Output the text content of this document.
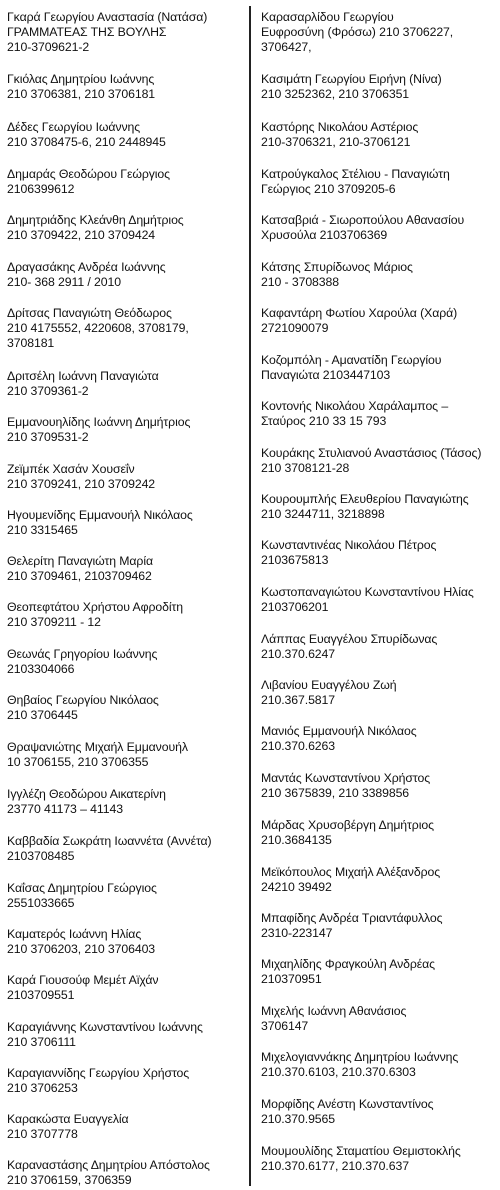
Γκαρά Γεωργίου Αναστασία (Νατάσα)
ΓΡΑΜΜΑΤΕΑΣ ΤΗΣ ΒΟΥΛΗΣ
210-3709621-2
Γκιόλας Δημητρίου Ιωάννης
210 3706381, 210 3706181
Δέδες Γεωργίου Ιωάννης
210 3708475-6, 210 2448945
Δημαράς Θεοδώρου Γεώργιος
2106399612
Δημητριάδης Κλεάνθη Δημήτριος
210 3709422, 210 3709424
Δραγασάκης Ανδρέα Ιωάννης
210- 368 2911 / 2010
Δρίτσας Παναγιώτη Θεόδωρος
210 4175552, 4220608, 3708179,
3708181
Δριτσέλη Ιωάννη Παναγιώτα
210 3709361-2
Εμμανουηλίδης Ιωάννη Δημήτριος
210 3709531-2
Ζεϊμπέκ Χασάν Χουσεΐν
210 3709241, 210 3709242
Ηγουμενίδης Εμμανουήλ Νικόλαος
210 3315465
Θελερίτη Παναγιώτη Μαρία
210 3709461, 2103709462
Θεοπεφτάτου Χρήστου Αφροδίτη
210 3709211 - 12
Θεωνάς Γρηγορίου Ιωάννης
2103304066
Θηβαίος Γεωργίου Νικόλαος
210 3706445
Θραψανιώτης Μιχαήλ Εμμανουήλ
10 3706155, 210 3706355
Ιγγλέζη Θεοδώρου Αικατερίνη
23770 41173 – 41143
Καββαδία Σωκράτη Ιωαννέτα (Αννέτα)
2103708485
Καΐσας Δημητρίου Γεώργιος
2551033665
Καματερός Ιωάννη Ηλίας
210 3706203, 210 3706403
Καρά Γιουσούφ Μεμέτ Αϊχάν
2103709551
Καραγιάννης Κωνσταντίνου Ιωάννης
210 3706111
Καραγιαννίδης Γεωργίου Χρήστος
210 3706253
Καρακώστα Ευαγγελία
210 3707778
Καραναστάσης Δημητρίου Απόστολος
210 3706159, 3706359
Καρασαρλίδου Γεωργίου
Ευφροσύνη (Φρόσω) 210 3706227,
3706427,
Κασιμάτη Γεωργίου Ειρήνη (Νίνα)
210 3252362, 210 3706351
Καστόρης Νικολάου Αστέριος
210-3706321, 210-3706121
Κατρούγκαλος Στέλιου - Παναγιώτη
Γεώργιος 210 3709205-6
Κατσαβριά - Σιωροπούλου Αθανασίου
Χρυσούλα 2103706369
Κάτσης Σπυρίδωνος Μάριος
210 - 3708388
Καφαντάρη Φωτίου Χαρούλα (Χαρά)
2721090079
Κοζομπόλη - Αμανατίδη Γεωργίου
Παναγιώτα 2103447103
Κοντονής Νικολάου Χαράλαμπος –
Σταύρος 210 33 15 793
Κουράκης Στυλιανού Αναστάσιος (Τάσος)
210 3708121-28
Κουρουμπλής Ελευθερίου Παναγιώτης
210 3244711, 3218898
Κωνσταντινέας Νικολάου Πέτρος
2103675813
Κωστοπαναγιώτου Κωνσταντίνου Ηλίας
2103706201
Λάππας Ευαγγέλου Σπυρίδωνας
210.370.6247
Λιβανίου Ευαγγέλου Ζωή
210.367.5817
Μανιός Εμμανουήλ Νικόλαος
210.370.6263
Μαντάς Κωνσταντίνου Χρήστος
210 3675839, 210 3389856
Μάρδας Χρυσοβέργη Δημήτριος
210.3684135
Μεϊκόπουλος Μιχαήλ Αλέξανδρος
24210 39492
Μπαφίδης Ανδρέα Τριαντάφυλλος
2310-223147
Μιχαηλίδης Φραγκούλη Ανδρέας
210370951
Μιχελής Ιωάννη Αθανάσιος
3706147
Μιχελογιαννάκης Δημητρίου Ιωάννης
210.370.6103, 210.370.6303
Μορφίδης Ανέστη Κωνσταντίνος
210.370.9565
Μουμουλίδης Σταματίου Θεμιστοκλής
210.370.6177, 210.370.637
